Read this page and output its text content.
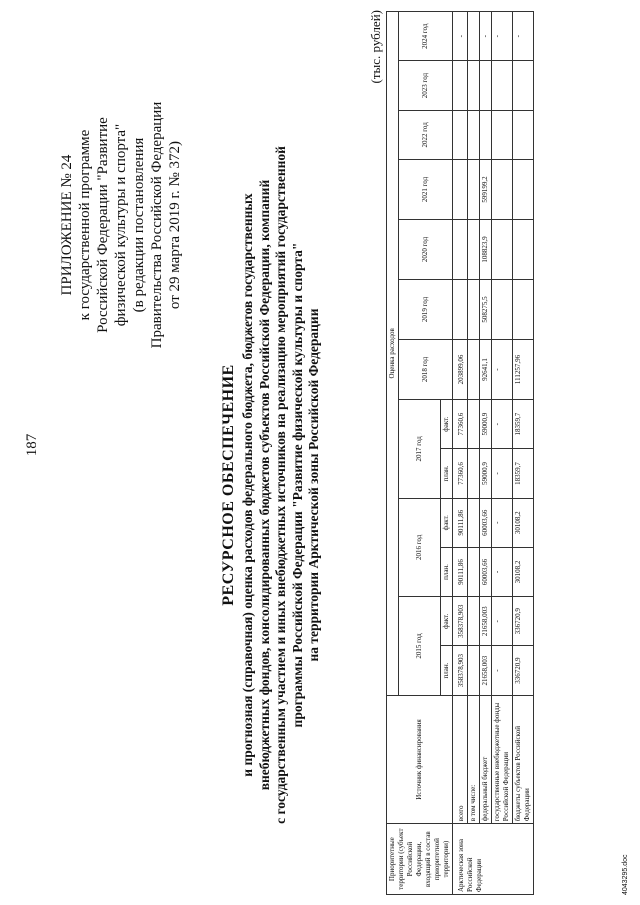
187
ПРИЛОЖЕНИЕ № 24 к государственной программе Российской Федерации "Развитие физической культуры и спорта" (в редакции постановления Правительства Российской Федерации от 29 марта 2019 г. № 372)
РЕСУРСНОЕ ОБЕСПЕЧЕНИЕ и прогнозная (справочная) оценка расходов федерального бюджета, бюджетов государственных внебюджетных фондов, консолидированных бюджетов субъектов Российской Федерации, компаний с государственным участием и иных внебюджетных источников на реализацию мероприятий государственной программы Российской Федерации "Развитие физической культуры и спорта" на территории Арктической зоны Российской Федерации
(тыс. рублей)
Приоритетные территории (субъект Российской Федерации, входящий в состав приоритетной территории)	Источник финансирования	Оценка расходов												
		2015 год		2016 год		2017 год		2018 год	2019 год	2020 год	2021 год	2022 год	2023 год	2024 год
		план.	факт.	план.	факт.	план.	факт.							
Арктическая зона Российской Федерации	всего	358378,903	358378,903	90111,86	90111,86	77360,6	77360,6	203899,06						-
	в том числе:													
	федеральный бюджет	21658,003	21658,003	60003,66	60003,66	59000,9	59000,9	92641,1	508275,5	108823,9	599199,2			-
	государственные внебюджетные фонды Российской Федерации	-	-	-	-	-	-	-						-
	бюджеты субъектов Российской Федерации	336720,9	336720,9	30108,2	30108,2	18359,7	18359,7	111257,96						-
4043295.doc
